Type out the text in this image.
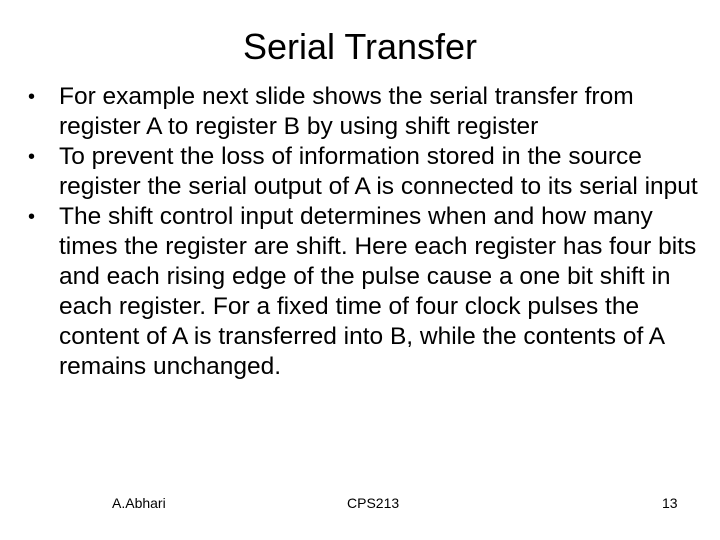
Serial Transfer
• For example next slide shows the serial transfer from register A to register B by using shift register
• To prevent the loss of information stored in the source register the serial output of A is connected to its serial input
• The shift control input determines when and how many times the register are shift. Here each register has four bits and each rising edge of the pulse cause a one bit shift in each register. For a fixed time of four clock pulses the content of A is transferred into B, while the contents of A remains unchanged.
A.Abhari	CPS213	13
